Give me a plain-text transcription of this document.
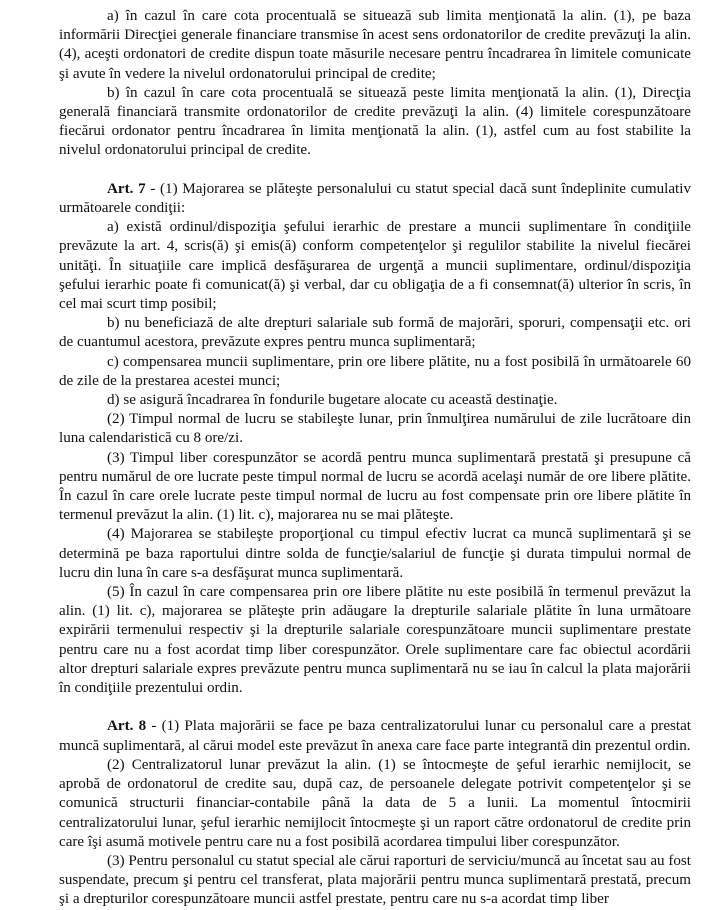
a) în cazul în care cota procentuală se situează sub limita menţionată la alin. (1), pe baza informării Direcţiei generale financiare transmise în acest sens ordonatorilor de credite prevăzuţi la alin. (4), aceşti ordonatori de credite dispun toate măsurile necesare pentru încadrarea în limitele comunicate şi avute în vedere la nivelul ordonatorului principal de credite;

b) în cazul în care cota procentuală se situează peste limita menţionată la alin. (1), Direcţia generală financiară transmite ordonatorilor de credite prevăzuţi la alin. (4) limitele corespunzătoare fiecărui ordonator pentru încadrarea în limita menţionată la alin. (1), astfel cum au fost stabilite la nivelul ordonatorului principal de credite.

Art. 7 - (1) Majorarea se plăteşte personalului cu statut special dacă sunt îndeplinite cumulativ următoarele condiţii:

a) există ordinul/dispoziţia şefului ierarhic de prestare a muncii suplimentare în condiţiile prevăzute la art. 4, scris(ă) şi emis(ă) conform competenţelor şi regulilor stabilite la nivelul fiecărei unităţi. În situaţiile care implică desfăşurarea de urgenţă a muncii suplimentare, ordinul/dispoziţia şefului ierarhic poate fi comunicat(ă) şi verbal, dar cu obligaţia de a fi consemnat(ă) ulterior în scris, în cel mai scurt timp posibil;

b) nu beneficiază de alte drepturi salariale sub formă de majorări, sporuri, compensaţii etc. ori de cuantumul acestora, prevăzute expres pentru munca suplimentară;

c) compensarea muncii suplimentare, prin ore libere plătite, nu a fost posibilă în următoarele 60 de zile de la prestarea acestei munci;

d) se asigură încadrarea în fondurile bugetare alocate cu această destinaţie.

(2) Timpul normal de lucru se stabileşte lunar, prin înmulţirea numărului de zile lucrătoare din luna calendaristică cu 8 ore/zi.

(3) Timpul liber corespunzător se acordă pentru munca suplimentară prestată şi presupune că pentru numărul de ore lucrate peste timpul normal de lucru se acordă acelaşi număr de ore libere plătite. În cazul în care orele lucrate peste timpul normal de lucru au fost compensate prin ore libere plătite în termenul prevăzut la alin. (1) lit. c), majorarea nu se mai plăteşte.

(4) Majorarea se stabileşte proporţional cu timpul efectiv lucrat ca muncă suplimentară şi se determină pe baza raportului dintre solda de funcţie/salariul de funcţie şi durata timpului normal de lucru din luna în care s-a desfăşurat munca suplimentară.

(5) În cazul în care compensarea prin ore libere plătite nu este posibilă în termenul prevăzut la alin. (1) lit. c), majorarea se plăteşte prin adăugare la drepturile salariale plătite în luna următoare expirării termenului respectiv şi la drepturile salariale corespunzătoare muncii suplimentare prestate pentru care nu a fost acordat timp liber corespunzător. Orele suplimentare care fac obiectul acordării altor drepturi salariale expres prevăzute pentru munca suplimentară nu se iau în calcul la plata majorării în condiţiile prezentului ordin.

Art. 8 - (1) Plata majorării se face pe baza centralizatorului lunar cu personalul care a prestat muncă suplimentară, al cărui model este prevăzut în anexa care face parte integrantă din prezentul ordin.

(2) Centralizatorul lunar prevăzut la alin. (1) se întocmeşte de şeful ierarhic nemijlocit, se aprobă de ordonatorul de credite sau, după caz, de persoanele delegate potrivit competenţelor şi se comunică structurii financiar-contabile până la data de 5 a lunii. La momentul întocmirii centralizatorului lunar, şeful ierarhic nemijlocit întocmeşte şi un raport către ordonatorul de credite prin care îşi asumă motivele pentru care nu a fost posibilă acordarea timpului liber corespunzător.

(3) Pentru personalul cu statut special ale cărui raporturi de serviciu/muncă au încetat sau au fost suspendate, precum şi pentru cel transferat, plata majorării pentru munca suplimentară prestată, precum şi a drepturilor corespunzătoare muncii astfel prestate, pentru care nu s-a acordat timp liber
